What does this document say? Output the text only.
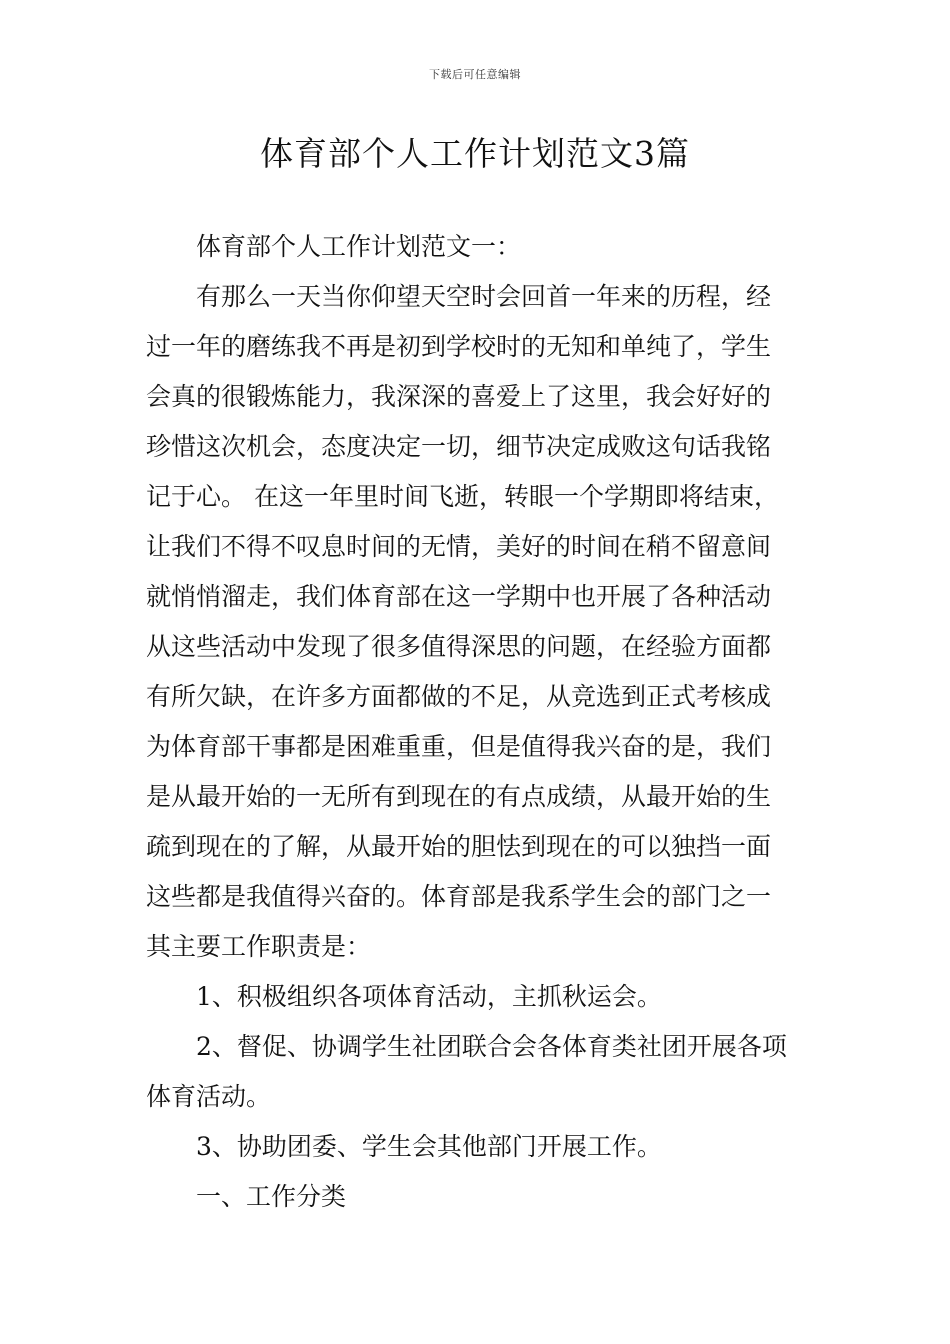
下载后可任意编辑
体育部个人工作计划范文3篇

体育部个人工作计划范文一：

有那么一天当你仰望天空时会回首一年来的历程，经
过一年的磨练我不再是初到学校时的无知和单纯了，学生
会真的很锻炼能力，我深深的喜爱上了这里，我会好好的
珍惜这次机会，态度决定一切，细节决定成败这句话我铭
记于心。 在这一年里时间飞逝，转眼一个学期即将结束，
让我们不得不叹息时间的无情，美好的时间在稍不留意间
就悄悄溜走，我们体育部在这一学期中也开展了各种活动
从这些活动中发现了很多值得深思的问题，在经验方面都
有所欠缺，在许多方面都做的不足，从竞选到正式考核成
为体育部干事都是困难重重，但是值得我兴奋的是，我们
是从最开始的一无所有到现在的有点成绩，从最开始的生
疏到现在的了解，从最开始的胆怯到现在的可以独挡一面
这些都是我值得兴奋的。体育部是我系学生会的部门之一
其主要工作职责是：

1、积极组织各项体育活动，主抓秋运会。

2、督促、协调学生社团联合会各体育类社团开展各项
体育活动。

3、协助团委、学生会其他部门开展工作。

一、工作分类
